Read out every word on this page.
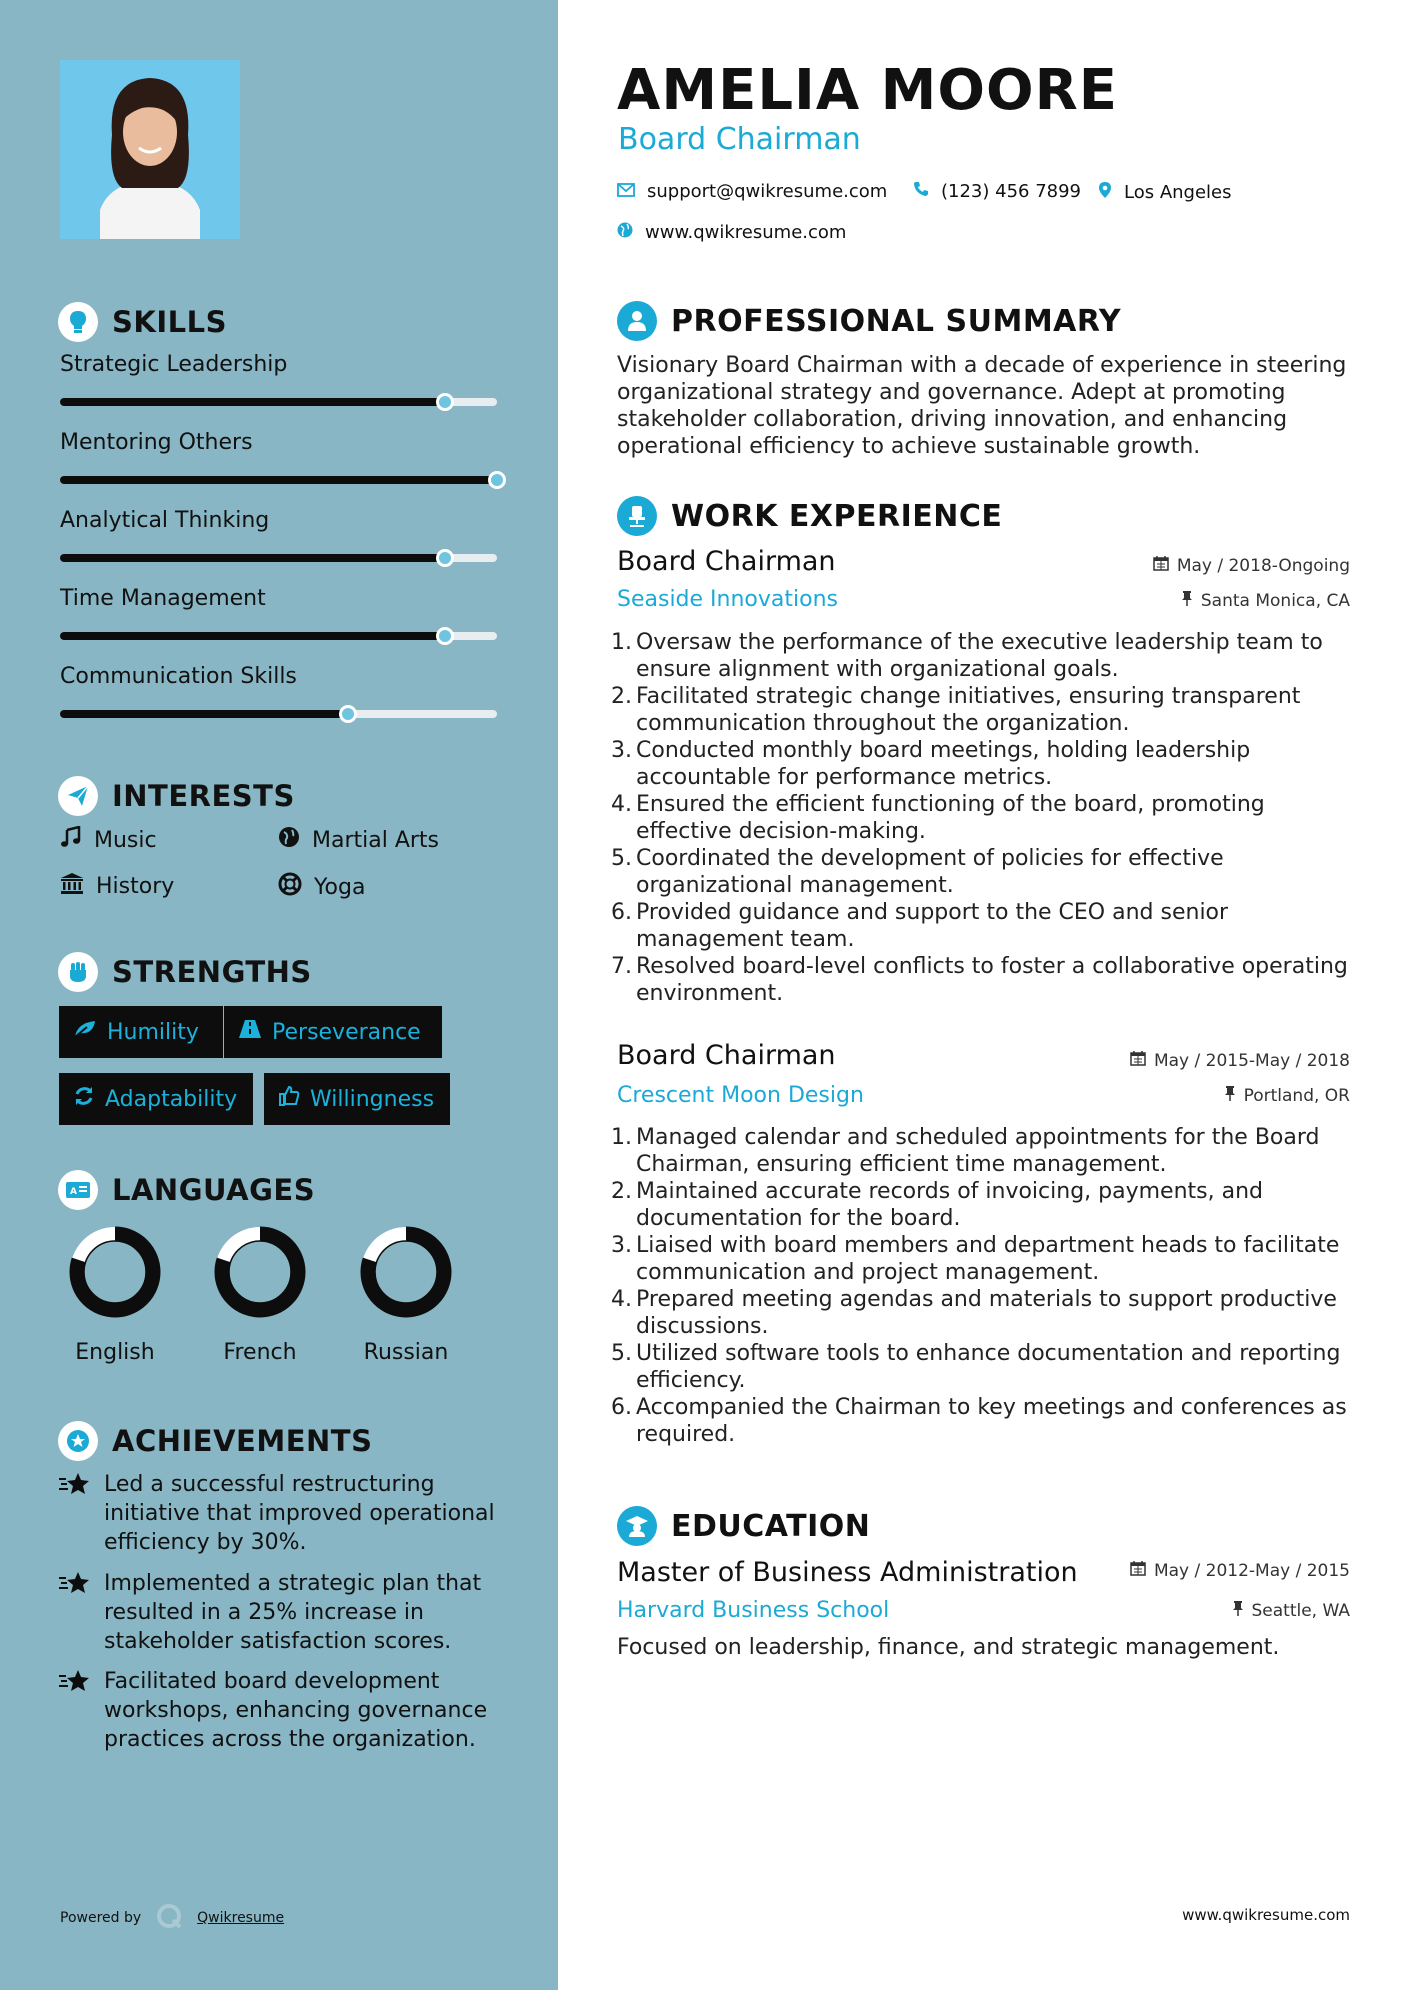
SKILLS
Strategic Leadership
Mentoring Others
Analytical Thinking
Time Management
Communication Skills
INTERESTS
Music	Martial Arts
History	Yoga
STRENGTHS
Humility	Perseverance
Adaptability	Willingness
A LANGUAGES
English	French	Russian
ACHIEVEMENTS
Led a successful restructuring initiative that improved operational efficiency by 30%.
Implemented a strategic plan that resulted in a 25% increase in stakeholder satisfaction scores.
Facilitated board development workshops, enhancing governance practices across the organization.
Powered by	Qwikresume
AMELIA MOORE
Board Chairman
support@qwikresume.com	(123) 456 7899 Los Angeles
www.qwikresume.com
PROFESSIONAL SUMMARY
Visionary Board Chairman with a decade of experience in steering organizational strategy and governance. Adept at promoting stakeholder collaboration, driving innovation, and enhancing operational efficiency to achieve sustainable growth.
WORK EXPERIENCE
Board Chairman	May / 2018-Ongoing
Seaside Innovations	Santa Monica, CA
1. Oversaw the performance of the executive leadership team to ensure alignment with organizational goals.
2. Facilitated strategic change initiatives, ensuring transparent communication throughout the organization.
3. Conducted monthly board meetings, holding leadership accountable for performance metrics.
4. Ensured the efficient functioning of the board, promoting effective decision-making.
5. Coordinated the development of policies for effective organizational management.
6. Provided guidance and support to the CEO and senior management team.
7. Resolved board-level conflicts to foster a collaborative operating environment.
Board Chairman	May / 2015-May / 2018
Crescent Moon Design	Portland, OR
1. Managed calendar and scheduled appointments for the Board Chairman, ensuring efficient time management.
2. Maintained accurate records of invoicing, payments, and documentation for the board.
3. Liaised with board members and department heads to facilitate communication and project management.
4. Prepared meeting agendas and materials to support productive discussions.
5. Utilized software tools to enhance documentation and reporting efficiency.
6. Accompanied the Chairman to key meetings and conferences as required.
EDUCATION
Master of Business Administration	May / 2012-May / 2015
Harvard Business School	Seattle, WA
Focused on leadership, finance, and strategic management.
www.qwikresume.com
